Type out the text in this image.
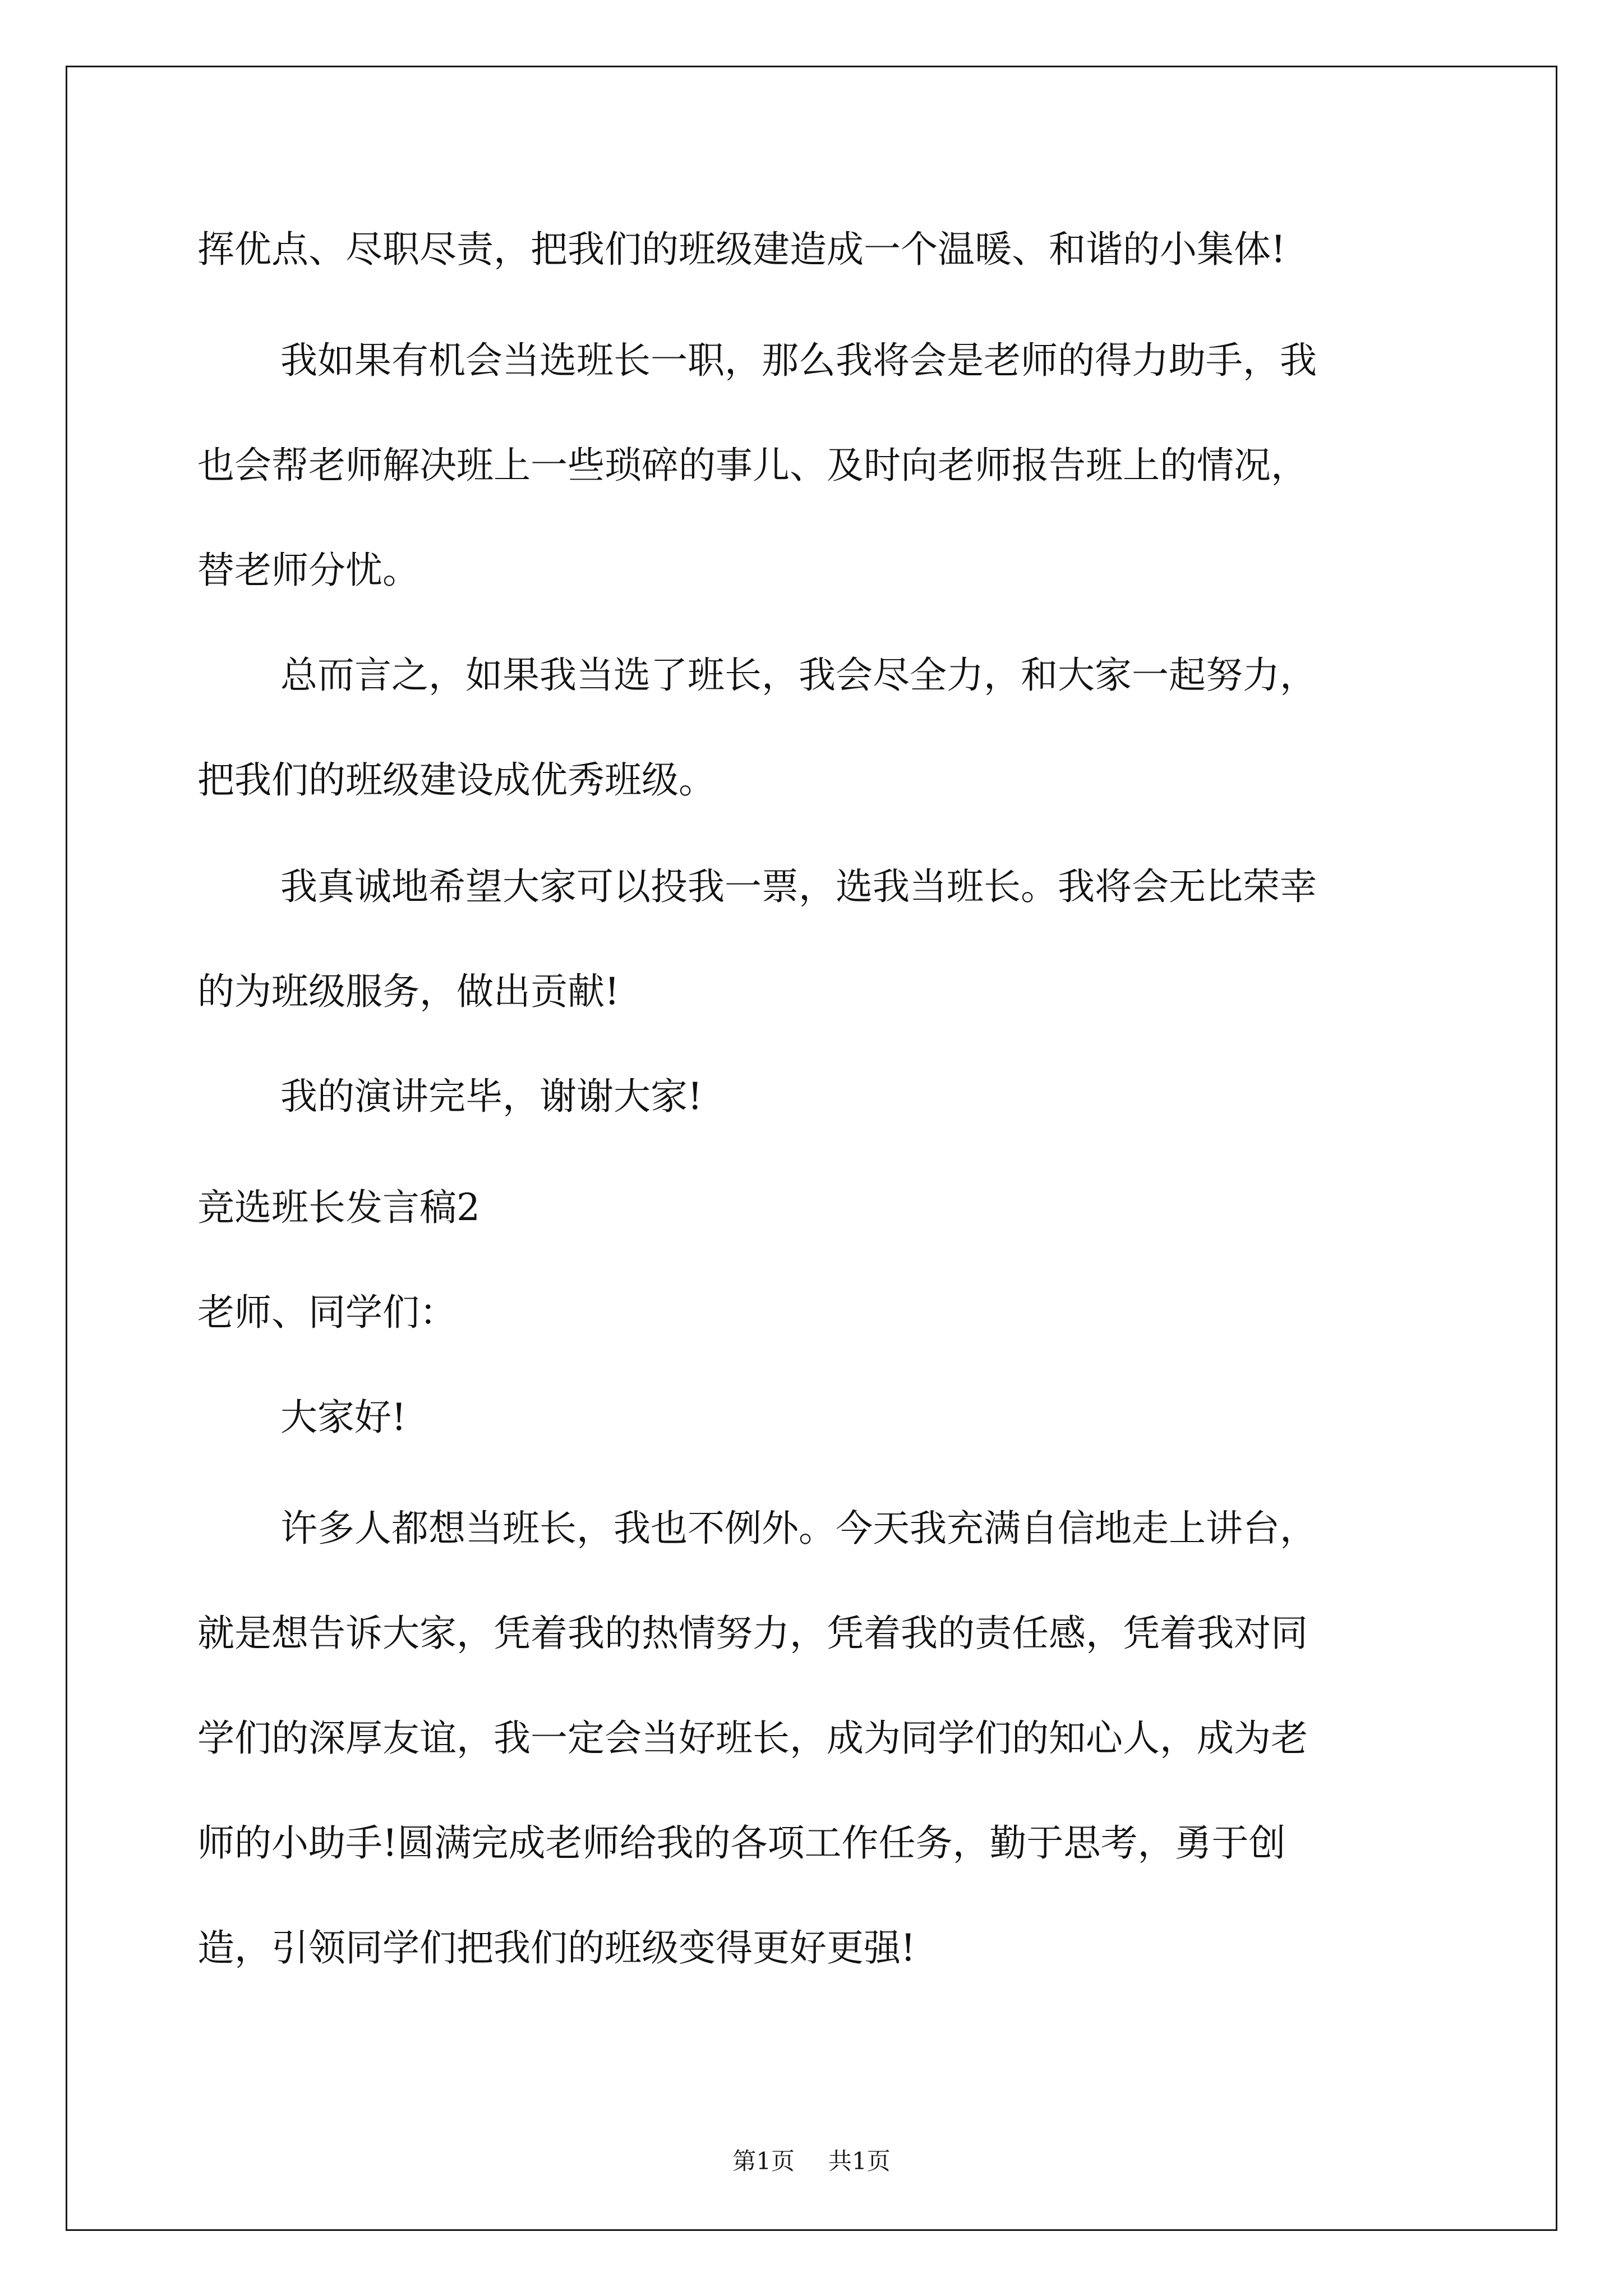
挥优点、尽职尽责，把我们的班级建造成一个温暖、和谐的小集体!
我如果有机会当选班长一职，那么我将会是老师的得力助手，我
也会帮老师解决班上一些琐碎的事儿、及时向老师报告班上的情况，
替老师分忧。
总而言之，如果我当选了班长，我会尽全力，和大家一起努力，
把我们的班级建设成优秀班级。
我真诚地希望大家可以投我一票，选我当班长。我将会无比荣幸
的为班级服务，做出贡献!
我的演讲完毕，谢谢大家!
竞选班长发言稿2
老师、同学们：
大家好!
许多人都想当班长，我也不例外。今天我充满自信地走上讲台，
就是想告诉大家，凭着我的热情努力，凭着我的责任感，凭着我对同
学们的深厚友谊，我一定会当好班长，成为同学们的知心人，成为老
师的小助手!圆满完成老师给我的各项工作任务，勤于思考，勇于创
造，引领同学们把我们的班级变得更好更强!
第1页 共1页
